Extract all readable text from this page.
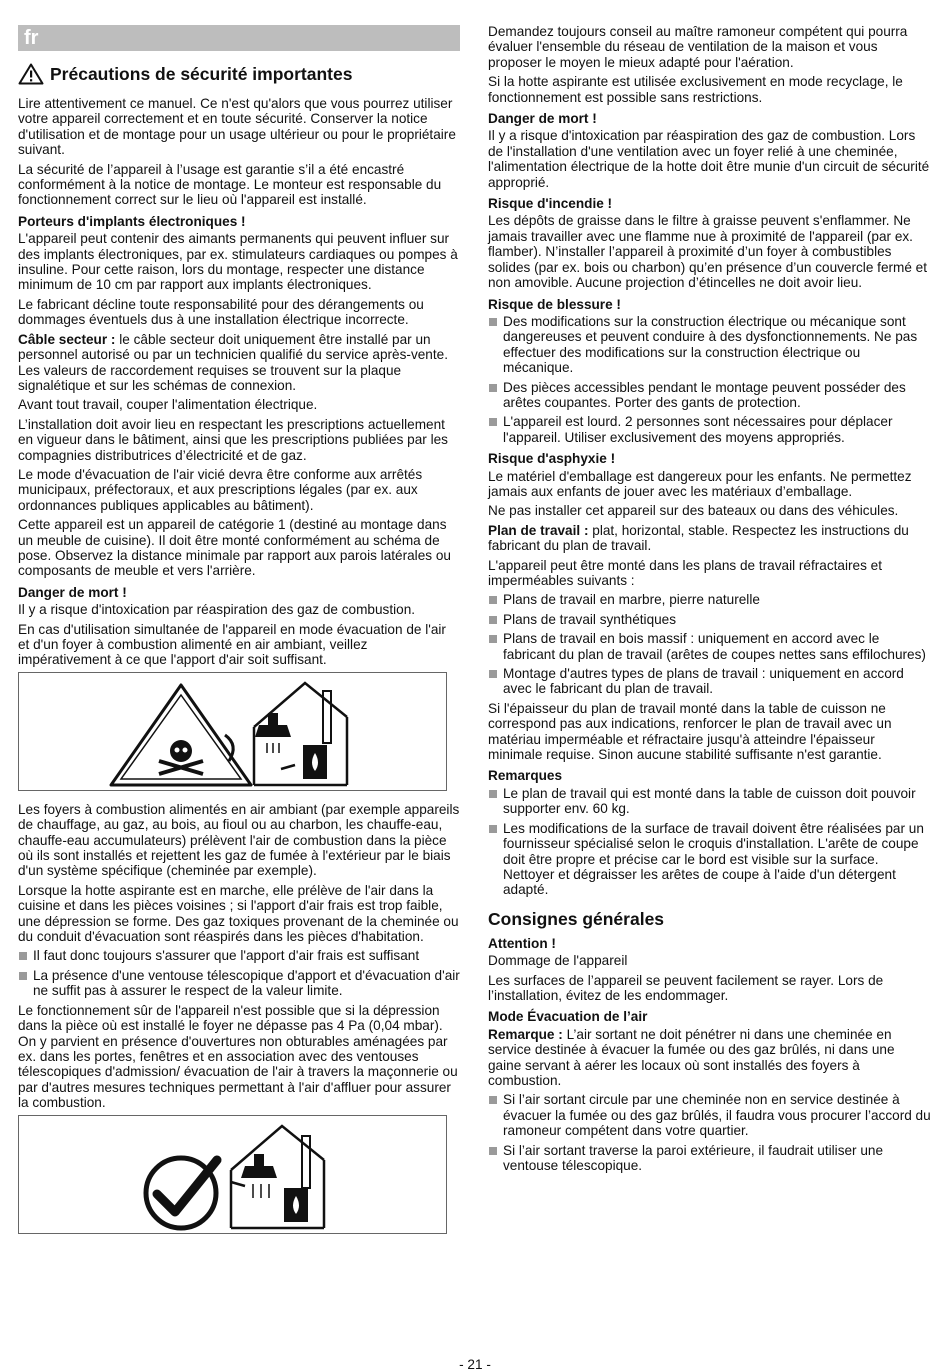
fr
Précautions de sécurité importantes

Lire attentivement ce manuel. Ce n'est qu'alors que vous pourrez utiliser votre appareil correctement et en toute sécurité. Conserver la notice d'utilisation et de montage pour un usage ultérieur ou pour le propriétaire suivant.

La sécurité de l’appareil à l’usage est garantie s’il a été encastré conformément à la notice de montage. Le monteur est responsable du fonctionnement correct sur le lieu où l'appareil est installé.

Porteurs d'implants électroniques !

L'appareil peut contenir des aimants permanents qui peuvent influer sur des implants électroniques, par ex. stimulateurs cardiaques ou pompes à insuline. Pour cette raison, lors du montage, respecter une distance minimum de 10 cm par rapport aux implants électroniques.

Le fabricant décline toute responsabilité pour des dérangements ou dommages éventuels dus à une installation électrique incorrecte.

Câble secteur : le câble secteur doit uniquement être installé par un personnel autorisé ou par un technicien qualifié du service après-vente. Les valeurs de raccordement requises se trouvent sur la plaque signalétique et sur les schémas de connexion.

Avant tout travail, couper l'alimentation électrique.

L’installation doit avoir lieu en respectant les prescriptions actuellement en vigueur dans le bâtiment, ainsi que les prescriptions publiées par les compagnies distributrices d’électricité et de gaz.

Le mode d'évacuation de l'air vicié devra être conforme aux arrêtés municipaux, préfectoraux, et aux prescriptions légales (par ex. aux ordonnances publiques applicables au bâtiment).

Cette appareil est un appareil de catégorie 1 (destiné au montage dans un meuble de cuisine). Il doit être monté conformément au schéma de pose. Observez la distance minimale par rapport aux parois latérales ou composants de meuble et vers l'arrière.

Danger de mort !

Il y a risque d'intoxication par réaspiration des gaz de combustion.

En cas d'utilisation simultanée de l'appareil en mode évacuation de l'air et d'un foyer à combustion alimenté en air ambiant, veillez impérativement à ce que l'apport d'air soit suffisant.

Les foyers à combustion alimentés en air ambiant (par exemple appareils de chauffage, au gaz, au bois, au fioul ou au charbon, les chauffe-eau, chauffe-eau accumulateurs) prélèvent l'air de combustion dans la pièce où ils sont installés et rejettent les gaz de fumée à l'extérieur par le biais d'un système spécifique (cheminée par exemple).

Lorsque la hotte aspirante est en marche, elle prélève de l'air dans la cuisine et dans les pièces voisines ; si l'apport d'air frais est trop faible, une dépression se forme. Des gaz toxiques provenant de la cheminée ou du conduit d'évacuation sont réaspirés dans les pièces d'habitation.

Il faut donc toujours s'assurer que l'apport d'air frais est suffisant
La présence d'une ventouse télescopique d'apport et d'évacuation d'air ne suffit pas à assurer le respect de la valeur limite.

Le fonctionnement sûr de l'appareil n'est possible que si la dépression dans la pièce où est installé le foyer ne dépasse pas 4 Pa (0,04 mbar). On y parvient en présence d'ouvertures non obturables aménagées par ex. dans les portes, fenêtres et en association avec des ventouses télescopiques d'admission/ évacuation de l'air à travers la maçonnerie ou par d'autres mesures techniques permettant à l'air d'affluer pour assurer la combustion.

Demandez toujours conseil au maître ramoneur compétent qui pourra évaluer l'ensemble du réseau de ventilation de la maison et vous proposer le moyen le mieux adapté pour l'aération.

Si la hotte aspirante est utilisée exclusivement en mode recyclage, le fonctionnement est possible sans restrictions.

Danger de mort !

Il y a risque d'intoxication par réaspiration des gaz de combustion. Lors de l'installation d'une ventilation avec un foyer relié à une cheminée, l'alimentation électrique de la hotte doit être munie d'un circuit de sécurité approprié.

Risque d'incendie !

Les dépôts de graisse dans le filtre à graisse peuvent s'enflammer. Ne jamais travailler avec une flamme nue à proximité de l'appareil (par ex. flamber). N’installer l’appareil à proximité d’un foyer à combustibles solides (par ex. bois ou charbon) qu’en présence d’un couvercle fermé et non amovible. Aucune projection d’étincelles ne doit avoir lieu.

Risque de blessure !
Des modifications sur la construction électrique ou mécanique sont dangereuses et peuvent conduire à des dysfonctionnements. Ne pas effectuer des modifications sur la construction électrique ou mécanique.
Des pièces accessibles pendant le montage peuvent posséder des arêtes coupantes. Porter des gants de protection.
L'appareil est lourd. 2 personnes sont nécessaires pour déplacer l'appareil. Utiliser exclusivement des moyens appropriés.
Risque d'asphyxie !

Le matériel d'emballage est dangereux pour les enfants. Ne permettez jamais aux enfants de jouer avec les matériaux d’emballage.

Ne pas installer cet appareil sur des bateaux ou dans des véhicules.

Plan de travail : plat, horizontal, stable. Respectez les instructions du fabricant du plan de travail.

L'appareil peut être monté dans les plans de travail réfractaires et imperméables suivants :

Plans de travail en marbre, pierre naturelle
Plans de travail synthétiques
Plans de travail en bois massif : uniquement en accord avec le fabricant du plan de travail (arêtes de coupes nettes sans effilochures)
Montage d'autres types de plans de travail : uniquement en accord avec le fabricant du plan de travail.

Si l'épaisseur du plan de travail monté dans la table de cuisson ne correspond pas aux indications, renforcer le plan de travail avec un matériau imperméable et réfractaire jusqu'à atteindre l'épaisseur minimale requise. Sinon aucune stabilité suffisante n'est garantie.

Remarques
Le plan de travail qui est monté dans la table de cuisson doit pouvoir supporter env. 60 kg.
Les modifications de la surface de travail doivent être réalisées par un fournisseur spécialisé selon le croquis d'installation. L'arête de coupe doit être propre et précise car le bord est visible sur la surface. Nettoyer et dégraisser les arêtes de coupe à l'aide d'un détergent adapté.
Consignes générales
Attention !

Dommage de l'appareil

Les surfaces de l’appareil se peuvent facilement se rayer. Lors de l’installation, évitez de les endommager.

Mode Évacuation de l’air

Remarque : L’air sortant ne doit pénétrer ni dans une cheminée en service destinée à évacuer la fumée ou des gaz brûlés, ni dans une gaine servant à aérer les locaux où sont installés des foyers à combustion.

Si l’air sortant circule par une cheminée non en service destinée à évacuer la fumée ou des gaz brûlés, il faudra vous procurer l’accord du ramoneur compétent dans votre quartier.
Si l’air sortant traverse la paroi extérieure, il faudrait utiliser une ventouse télescopique.
- 21 -
